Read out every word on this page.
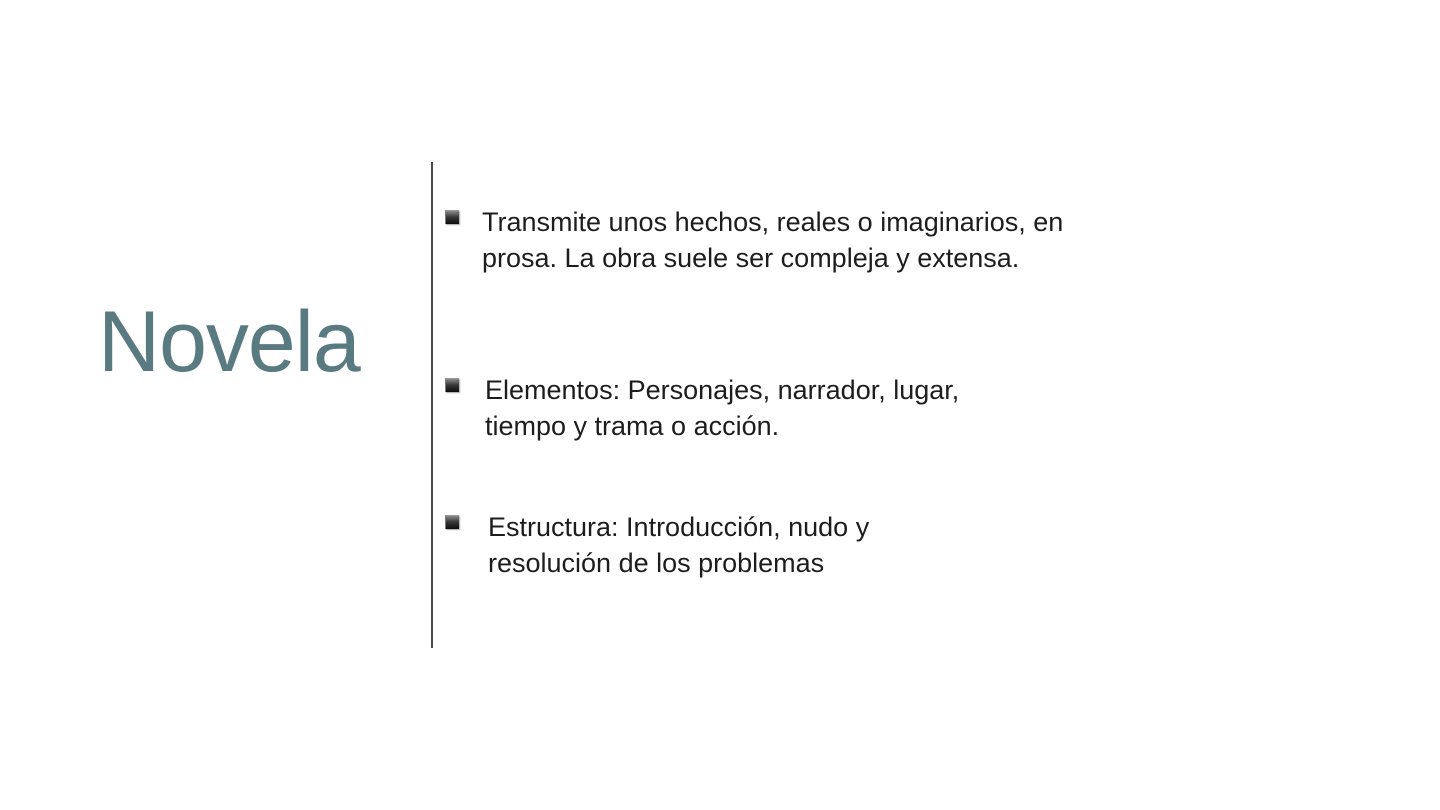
Novela

Transmite unos hechos, reales o imaginarios, en prosa. La obra suele ser compleja y extensa.

Elementos: Personajes, narrador, lugar, tiempo y trama o acción.

Estructura: Introducción, nudo y resolución de los problemas
